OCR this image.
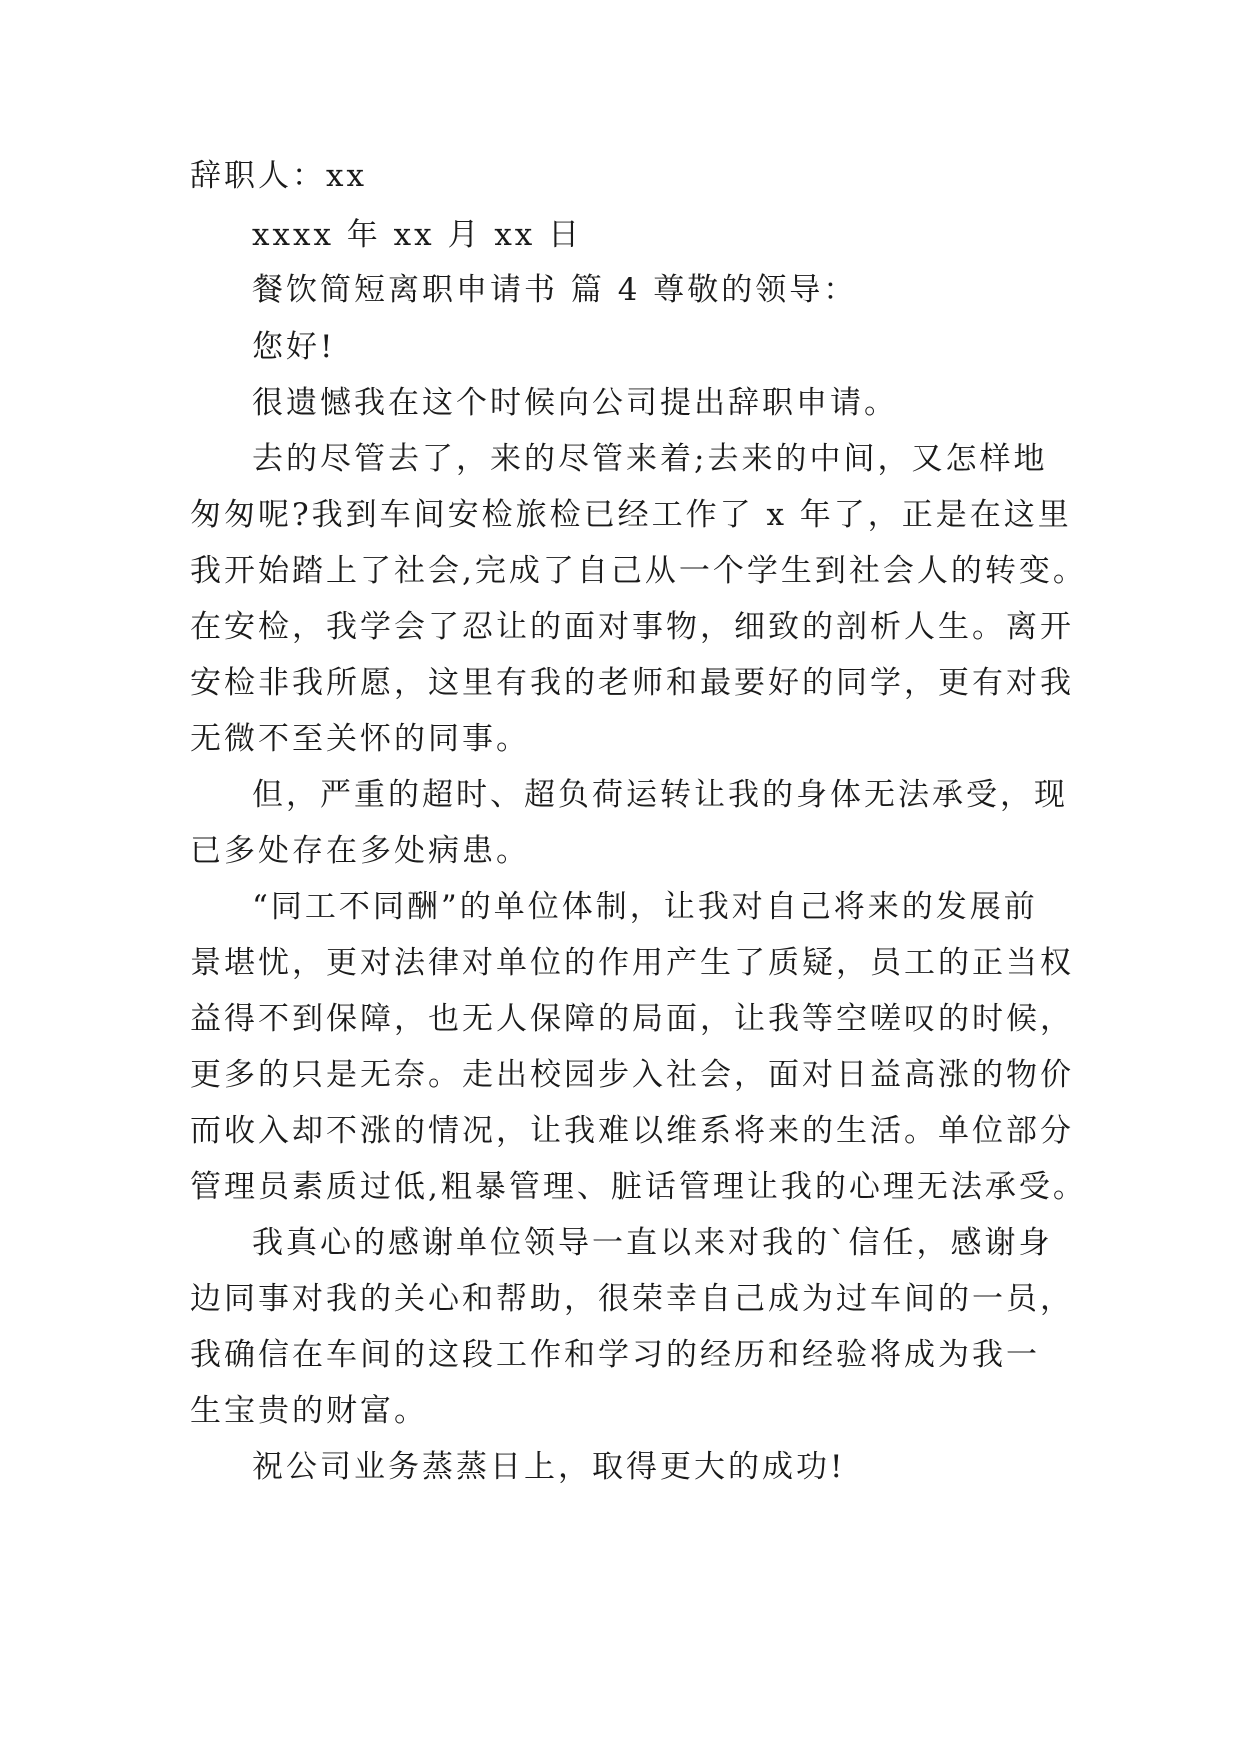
辞职人：xx
xxxx 年 xx 月 xx 日
餐饮简短离职申请书 篇 4 尊敬的领导：
您好!
很遗憾我在这个时候向公司提出辞职申请。
去的尽管去了，来的尽管来着;去来的中间，又怎样地
匆匆呢?我到车间安检旅检已经工作了 x 年了，正是在这里
我开始踏上了社会,完成了自己从一个学生到社会人的转变。
在安检，我学会了忍让的面对事物，细致的剖析人生。离开
安检非我所愿，这里有我的老师和最要好的同学，更有对我
无微不至关怀的同事。
但，严重的超时、超负荷运转让我的身体无法承受，现
已多处存在多处病患。
“同工不同酬”的单位体制，让我对自己将来的发展前
景堪忧，更对法律对单位的作用产生了质疑，员工的正当权
益得不到保障，也无人保障的局面，让我等空嗟叹的时候，
更多的只是无奈。走出校园步入社会，面对日益高涨的物价
而收入却不涨的情况，让我难以维系将来的生活。单位部分
管理员素质过低,粗暴管理、脏话管理让我的心理无法承受。
我真心的感谢单位领导一直以来对我的`信任，感谢身
边同事对我的关心和帮助，很荣幸自己成为过车间的一员，
我确信在车间的这段工作和学习的经历和经验将成为我一
生宝贵的财富。
祝公司业务蒸蒸日上，取得更大的成功!
